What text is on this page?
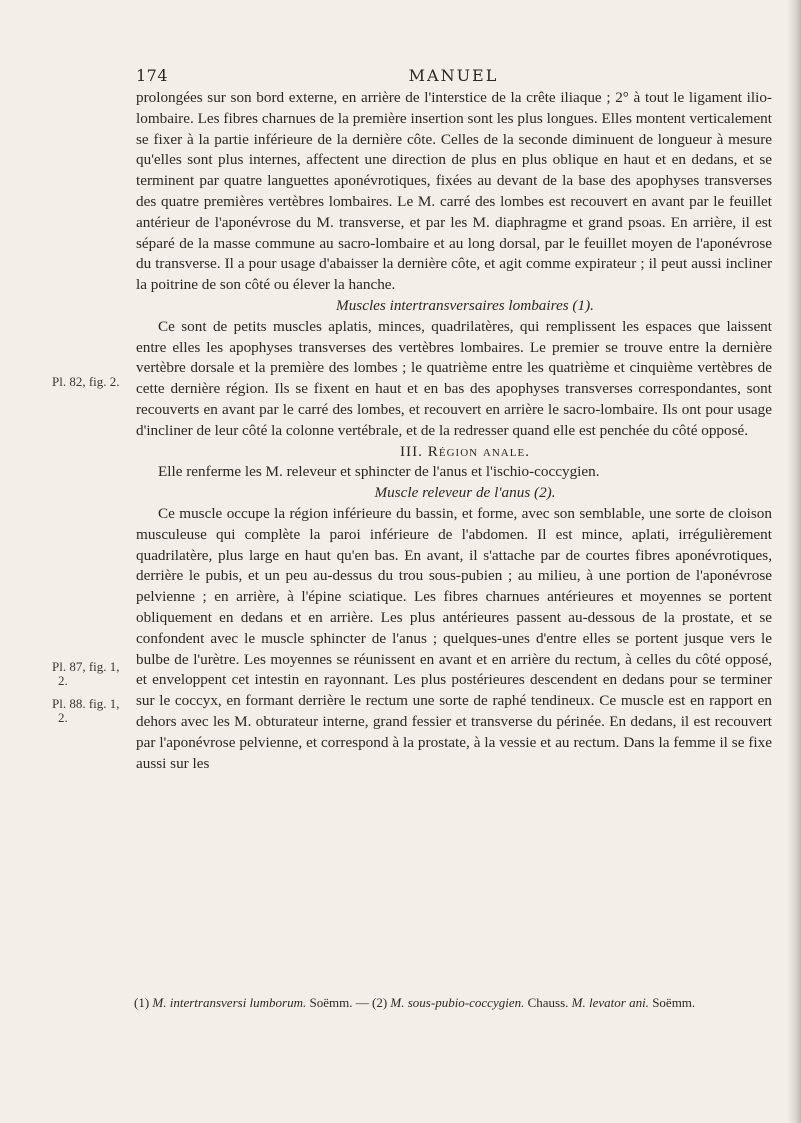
174	MANUEL
Pl. 82, fig. 2.
Pl. 87, fig. 1,
2.
Pl. 88. fig. 1,
2.

prolongées sur son bord externe, en arrière de l'interstice de la crête iliaque ; 2° à tout le ligament ilio-lombaire. Les fibres charnues de la première insertion sont les plus longues. Elles montent verticalement se fixer à la partie inférieure de la dernière côte. Celles de la seconde diminuent de longueur à mesure qu'elles sont plus internes, affectent une direction de plus en plus oblique en haut et en dedans, et se terminent par quatre languettes aponévrotiques, fixées au devant de la base des apophyses transverses des quatre premières vertèbres lombaires. Le M. carré des lombes est recouvert en avant par le feuillet antérieur de l'aponévrose du M. transverse, et par les M. diaphragme et grand psoas. En arrière, il est séparé de la masse commune au sacro-lombaire et au long dorsal, par le feuillet moyen de l'aponévrose du transverse. Il a pour usage d'abaisser la dernière côte, et agit comme expirateur ; il peut aussi incliner la poitrine de son côté ou élever la hanche.

Muscles intertransversaires lombaires (1).

Ce sont de petits muscles aplatis, minces, quadrilatères, qui remplissent les espaces que laissent entre elles les apophyses transverses des vertèbres lombaires. Le premier se trouve entre la dernière vertèbre dorsale et la première des lombes ; le quatrième entre les quatrième et cinquième vertèbres de cette dernière région. Ils se fixent en haut et en bas des apophyses transverses correspondantes, sont recouverts en avant par le carré des lombes, et recouvert en arrière le sacro-lombaire. Ils ont pour usage d'incliner de leur côté la colonne vertébrale, et de la redresser quand elle est penchée du côté opposé.

III. Région anale.

Elle renferme les M. releveur et sphincter de l'anus et l'ischio-coccygien.

Muscle releveur de l'anus (2).

Ce muscle occupe la région inférieure du bassin, et forme, avec son semblable, une sorte de cloison musculeuse qui complète la paroi inférieure de l'abdomen. Il est mince, aplati, irrégulièrement quadrilatère, plus large en haut qu'en bas. En avant, il s'attache par de courtes fibres aponévrotiques, derrière le pubis, et un peu au-dessus du trou sous-pubien ; au milieu, à une portion de l'aponévrose pelvienne ; en arrière, à l'épine sciatique. Les fibres charnues antérieures et moyennes se portent obliquement en dedans et en arrière. Les plus antérieures passent au-dessous de la prostate, et se confondent avec le muscle sphincter de l'anus ; quelques-unes d'entre elles se portent jusque vers le bulbe de l'urètre. Les moyennes se réunissent en avant et en arrière du rectum, à celles du côté opposé, et enveloppent cet intestin en rayonnant. Les plus postérieures descendent en dedans pour se terminer sur le coccyx, en formant derrière le rectum une sorte de raphé tendineux. Ce muscle est en rapport en dehors avec les M. obturateur interne, grand fessier et transverse du périnée. En dedans, il est recouvert par l'aponévrose pelvienne, et correspond à la prostate, à la vessie et au rectum. Dans la femme il se fixe aussi sur les

(1) M. intertransversi lumborum. Soëmm. — (2) M. sous-pubio-coccygien. Chauss. M. levator ani. Soëmm.
